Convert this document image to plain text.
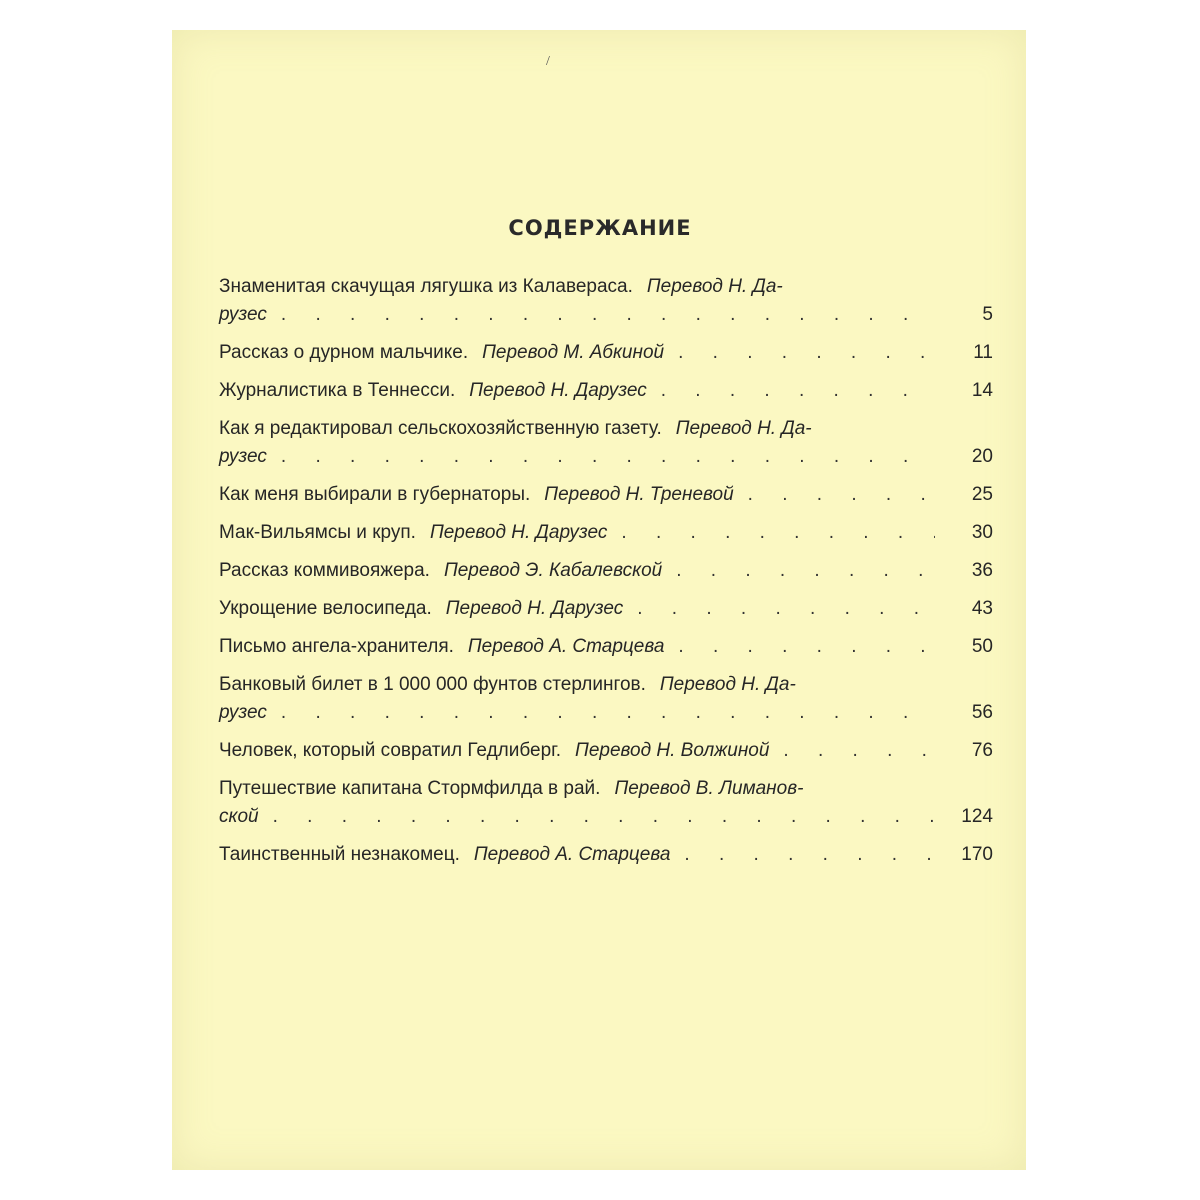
/
СОДЕРЖАНИЕ
Знаменитая скачущая лягушка из Калавераса. Перевод Н. Да-
рузес . . .	5
Рассказ о дурном мальчике. Перевод М. Абкиной . . .	11
Журналистика в Теннесси. Перевод Н. Дарузес . . .	14
Как я редактировал сельскохозяйственную газету. Перевод Н. Да-
рузес . . .	20
Как меня выбирали в губернаторы. Перевод Н. Треневой . . .	25
Мак-Вильямсы и круп. Перевод Н. Дарузес . . .	30
Рассказ коммивояжера. Перевод Э. Кабалевской . . .	36
Укрощение велосипеда. Перевод Н. Дарузес . . .	43
Письмо ангела-хранителя. Перевод А. Старцева . . .	50
Банковый билет в 1 000 000 фунтов стерлингов. Перевод Н. Да-
рузес . . .	56
Человек, который совратил Гедлиберг. Перевод Н. Волжиной . . .	76
Путешествие капитана Стормфилда в рай. Перевод В. Лиманов-
ской . . .	124
Таинственный незнакомец. Перевод А. Старцева . . .	170
